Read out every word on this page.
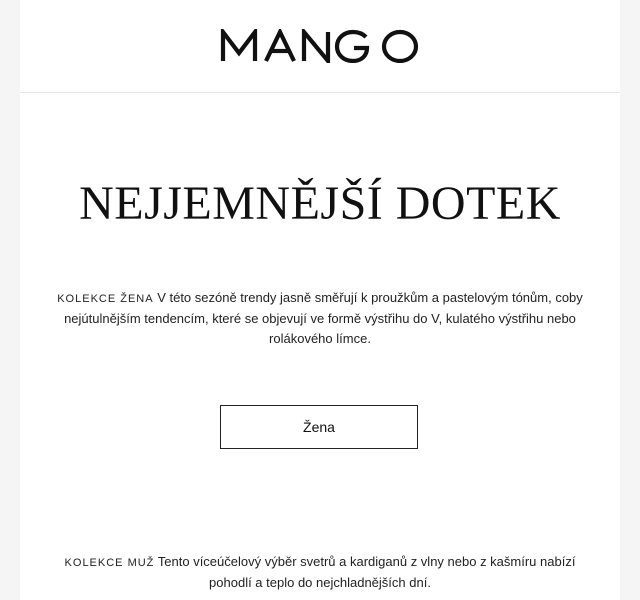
NEJJEMNĚJŠÍ DOTEK

KOLEKCE ŽENA V této sezóně trendy jasně směřují k proužkům a pastelovým tónům, coby nejútulnějším tendencím, které se objevují ve formě výstřihu do V, kulatého výstřihu nebo rolákového límce.

Žena

KOLEKCE MUŽ Tento víceúčelový výběr svetrů a kardiganů z vlny nebo z kašmíru nabízí pohodlí a teplo do nejchladnějších dní.
